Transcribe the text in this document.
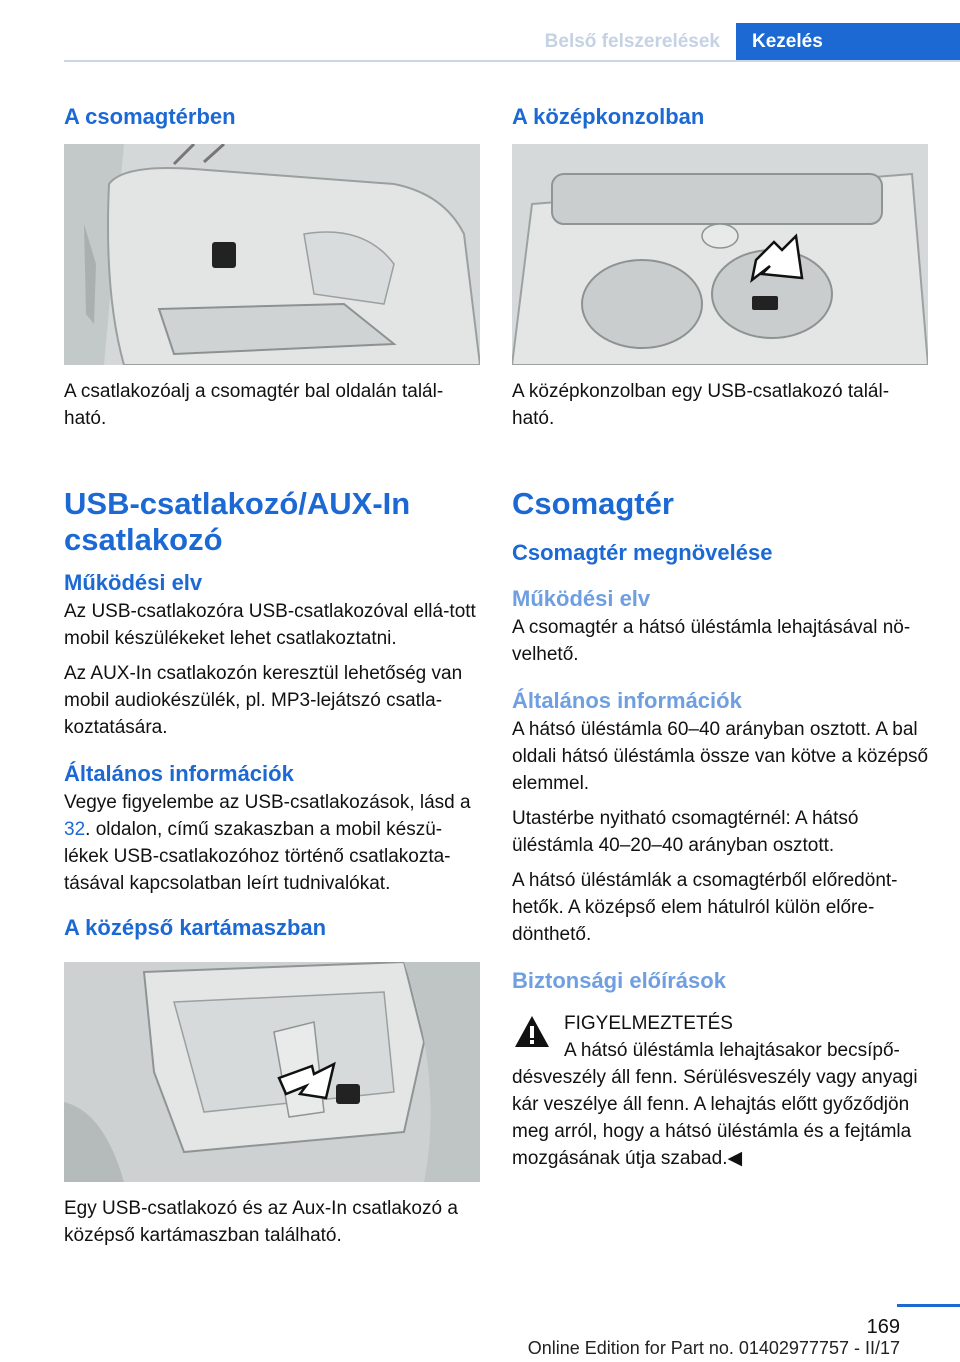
Belső felszerelések	Kezelés
A csomagtérben

A csatlakozóalj a csomagtér bal oldalán talál-ható.

USB-csatlakozó/AUX-In csatlakozó
Működési elv

Az USB-csatlakozóra USB-csatlakozóval ellá-tott mobil készülékeket lehet csatlakoztatni.

Az AUX-In csatlakozón keresztül lehetőség van mobil audiokészülék, pl. MP3-lejátszó csatla-koztatására.

Általános információk

Vegye figyelembe az USB-csatlakozások, lásd a 32. oldalon, című szakaszban a mobil készü-lékek USB-csatlakozóhoz történő csatlakozta-tásával kapcsolatban leírt tudnivalókat.

A középső kartámaszban

Egy USB-csatlakozó és az Aux-In csatlakozó a középső kartámaszban található.

A középkonzolban

A középkonzolban egy USB-csatlakozó talál-ható.

Csomagtér
Csomagtér megnövelése
Működési elv

A csomagtér a hátsó üléstámla lehajtásával nö-velhető.

Általános információk

A hátsó üléstámla 60–40 arányban osztott. A bal oldali hátsó üléstámla össze van kötve a középső elemmel.

Utastérbe nyitható csomagtérnél: A hátsó üléstámla 40–20–40 arányban osztott.

A hátsó üléstámlák a csomagtérből előredönt-hetők. A középső elem hátulról külön előre-dönthető.

Biztonsági előírások

FIGYELMEZTETÉS

A hátsó üléstámla lehajtásakor becsípő-

désveszély áll fenn. Sérülésveszély vagy anyagi kár veszélye áll fenn. A lehajtás előtt győződjön meg arról, hogy a hátsó üléstámla és a fejtámla mozgásának útja szabad.◀

169
Online Edition for Part no. 01402977757 - II/17
